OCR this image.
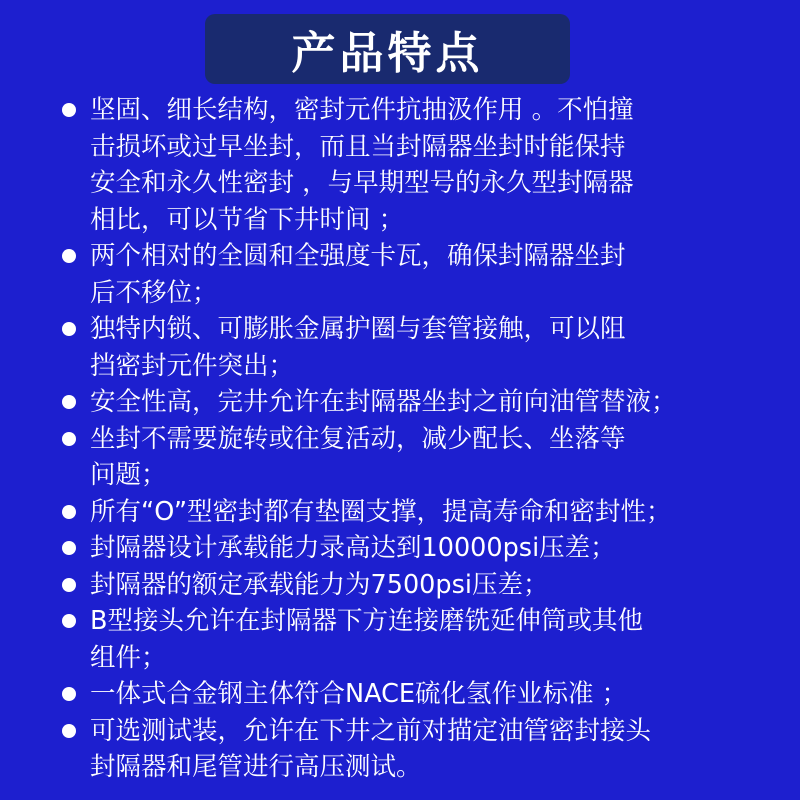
产品特点
坚固、细长结构，密封元件抗抽汲作用 。不怕撞
击损坏或过早坐封，而且当封隔器坐封时能保持
安全和永久性密封 ，与早期型号的永久型封隔器
相比，可以节省下井时间 ；
两个相对的全圆和全强度卡瓦，确保封隔器坐封
后不移位；
独特内锁、可膨胀金属护圈与套管接触，可以阻
挡密封元件突出；
安全性高，完井允许在封隔器坐封之前向油管替液；
坐封不需要旋转或往复活动，减少配长、坐落等
问题；
所有“O”型密封都有垫圈支撑，提高寿命和密封性；
封隔器设计承载能力录高达到10000psi压差；
封隔器的额定承载能力为7500psi压差；
B型接头允许在封隔器下方连接磨铣延伸筒或其他
组件；
一体式合金钢主体符合NACE硫化氢作业标准 ；
可选测试装，允许在下井之前对描定油管密封接头
封隔器和尾管进行高压测试。
